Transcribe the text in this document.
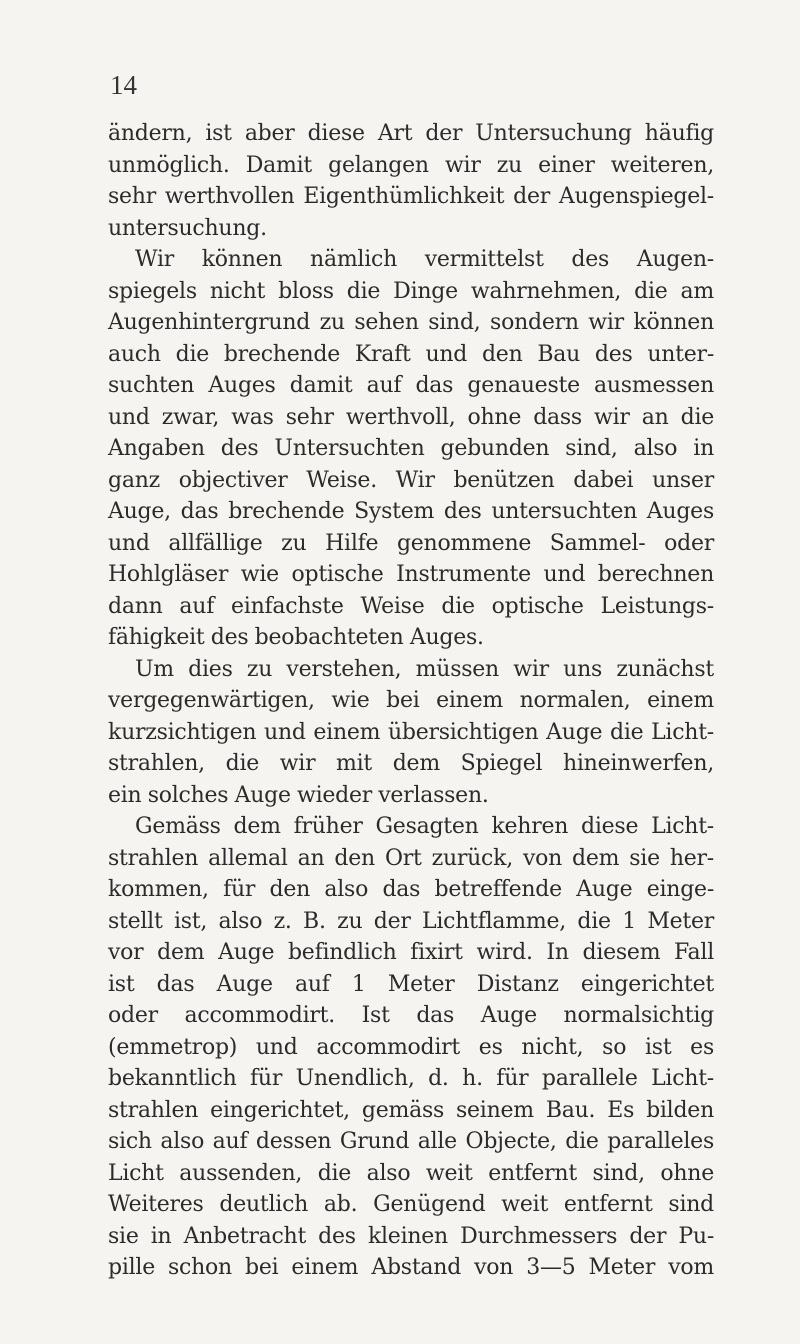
14
ändern, ist aber diese Art der Untersuchung häufig
unmöglich. Damit gelangen wir zu einer weiteren,
sehr werthvollen Eigenthümlichkeit der Augenspiegel-
untersuchung.
Wir können nämlich vermittelst des Augen-
spiegels nicht bloss die Dinge wahrnehmen, die am
Augenhintergrund zu sehen sind, sondern wir können
auch die brechende Kraft und den Bau des unter-
suchten Auges damit auf das genaueste ausmessen
und zwar, was sehr werthvoll, ohne dass wir an die
Angaben des Untersuchten gebunden sind, also in
ganz objectiver Weise. Wir benützen dabei unser
Auge, das brechende System des untersuchten Auges
und allfällige zu Hilfe genommene Sammel- oder
Hohlgläser wie optische Instrumente und berechnen
dann auf einfachste Weise die optische Leistungs-
fähigkeit des beobachteten Auges.
Um dies zu verstehen, müssen wir uns zunächst
vergegenwärtigen, wie bei einem normalen, einem
kurzsichtigen und einem übersichtigen Auge die Licht-
strahlen, die wir mit dem Spiegel hineinwerfen,
ein solches Auge wieder verlassen.
Gemäss dem früher Gesagten kehren diese Licht-
strahlen allemal an den Ort zurück, von dem sie her-
kommen, für den also das betreffende Auge einge-
stellt ist, also z. B. zu der Lichtflamme, die 1 Meter
vor dem Auge befindlich fixirt wird. In diesem Fall
ist das Auge auf 1 Meter Distanz eingerichtet
oder accommodirt. Ist das Auge normalsichtig
(emmetrop) und accommodirt es nicht, so ist es
bekanntlich für Unendlich, d. h. für parallele Licht-
strahlen eingerichtet, gemäss seinem Bau. Es bilden
sich also auf dessen Grund alle Objecte, die paralleles
Licht aussenden, die also weit entfernt sind, ohne
Weiteres deutlich ab. Genügend weit entfernt sind
sie in Anbetracht des kleinen Durchmessers der Pu-
pille schon bei einem Abstand von 3—5 Meter vom
